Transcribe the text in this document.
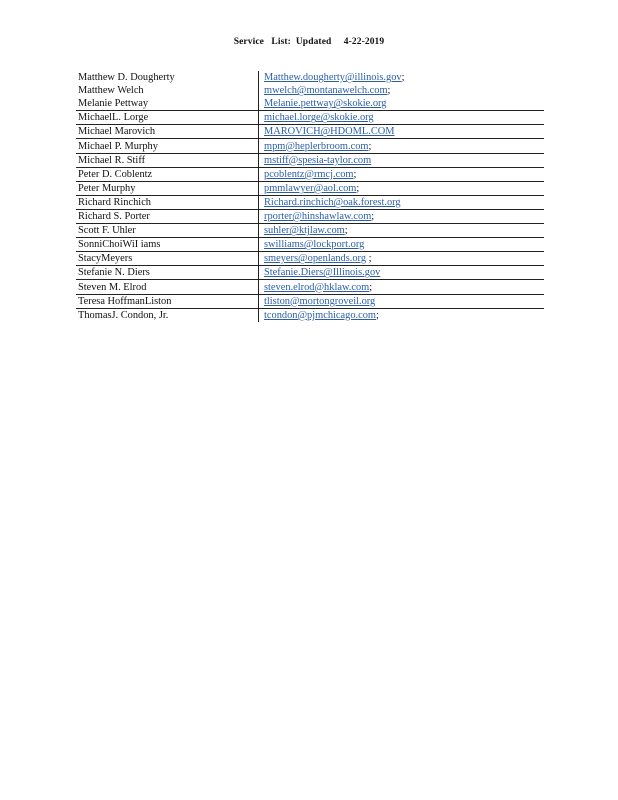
Service   List:  Updated     4-22-2019
Matthew D. Dougherty	Matthew.dougherty@illinois.gov;
Matthew Welch	mwelch@montanawelch.com;
Melanie Pettway	Melanie.pettway@skokie.org
MichaelL. Lorge	michael.lorge@skokie.org
Michael Marovich	MAROVICH@HDOML.COM
Michael P. Murphy	mpm@heplerbroom.com;
Michael R. Stiff	mstiff@spesia-taylor.com
Peter D. Coblentz	pcoblentz@rmcj.com;
Peter Murphy	pmmlawyer@aol.com;
Richard Rinchich	Richard.rinchich@oak.forest.org
Richard S. Porter	rporter@hinshawlaw.com;
Scott F. Uhler	suhler@ktjlaw.com;
SonniChoiWiI iams	swilliams@lockport.org
StacyMeyers	smeyers@openlands.org ;
Stefanie N. Diers	Stefanie.Diers@Illinois.gov
Steven M. Elrod	steven.elrod@hklaw.com;
Teresa HoffmanListon	tliston@mortongroveil.org
ThomasJ. Condon, Jr.	tcondon@pjmchicago.com;
